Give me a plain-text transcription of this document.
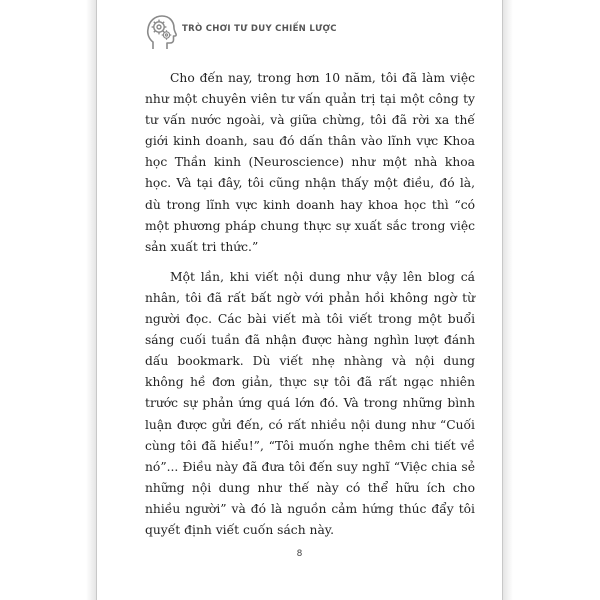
TRÒ CHƠI TƯ DUY CHIẾN LƯỢC

Cho đến nay, trong hơn 10 năm, tôi đã làm việc như một chuyên viên tư vấn quản trị tại một công ty tư vấn nước ngoài, và giữa chừng, tôi đã rời xa thế giới kinh doanh, sau đó dấn thân vào lĩnh vực Khoa học Thần kinh (Neuroscience) như một nhà khoa học. Và tại đây, tôi cũng nhận thấy một điều, đó là, dù trong lĩnh vực kinh doanh hay khoa học thì “có một phương pháp chung thực sự xuất sắc trong việc sản xuất tri thức.”

Một lần, khi viết nội dung như vậy lên blog cá nhân, tôi đã rất bất ngờ với phản hồi không ngờ từ người đọc. Các bài viết mà tôi viết trong một buổi sáng cuối tuần đã nhận được hàng nghìn lượt đánh dấu bookmark. Dù viết nhẹ nhàng và nội dung không hề đơn giản, thực sự tôi đã rất ngạc nhiên trước sự phản ứng quá lớn đó. Và trong những bình luận được gửi đến, có rất nhiều nội dung như “Cuối cùng tôi đã hiểu!”, “Tôi muốn nghe thêm chi tiết về nó”... Điều này đã đưa tôi đến suy nghĩ “Việc chia sẻ những nội dung như thế này có thể hữu ích cho nhiều người” và đó là nguồn cảm hứng thúc đẩy tôi quyết định viết cuốn sách này.

8
